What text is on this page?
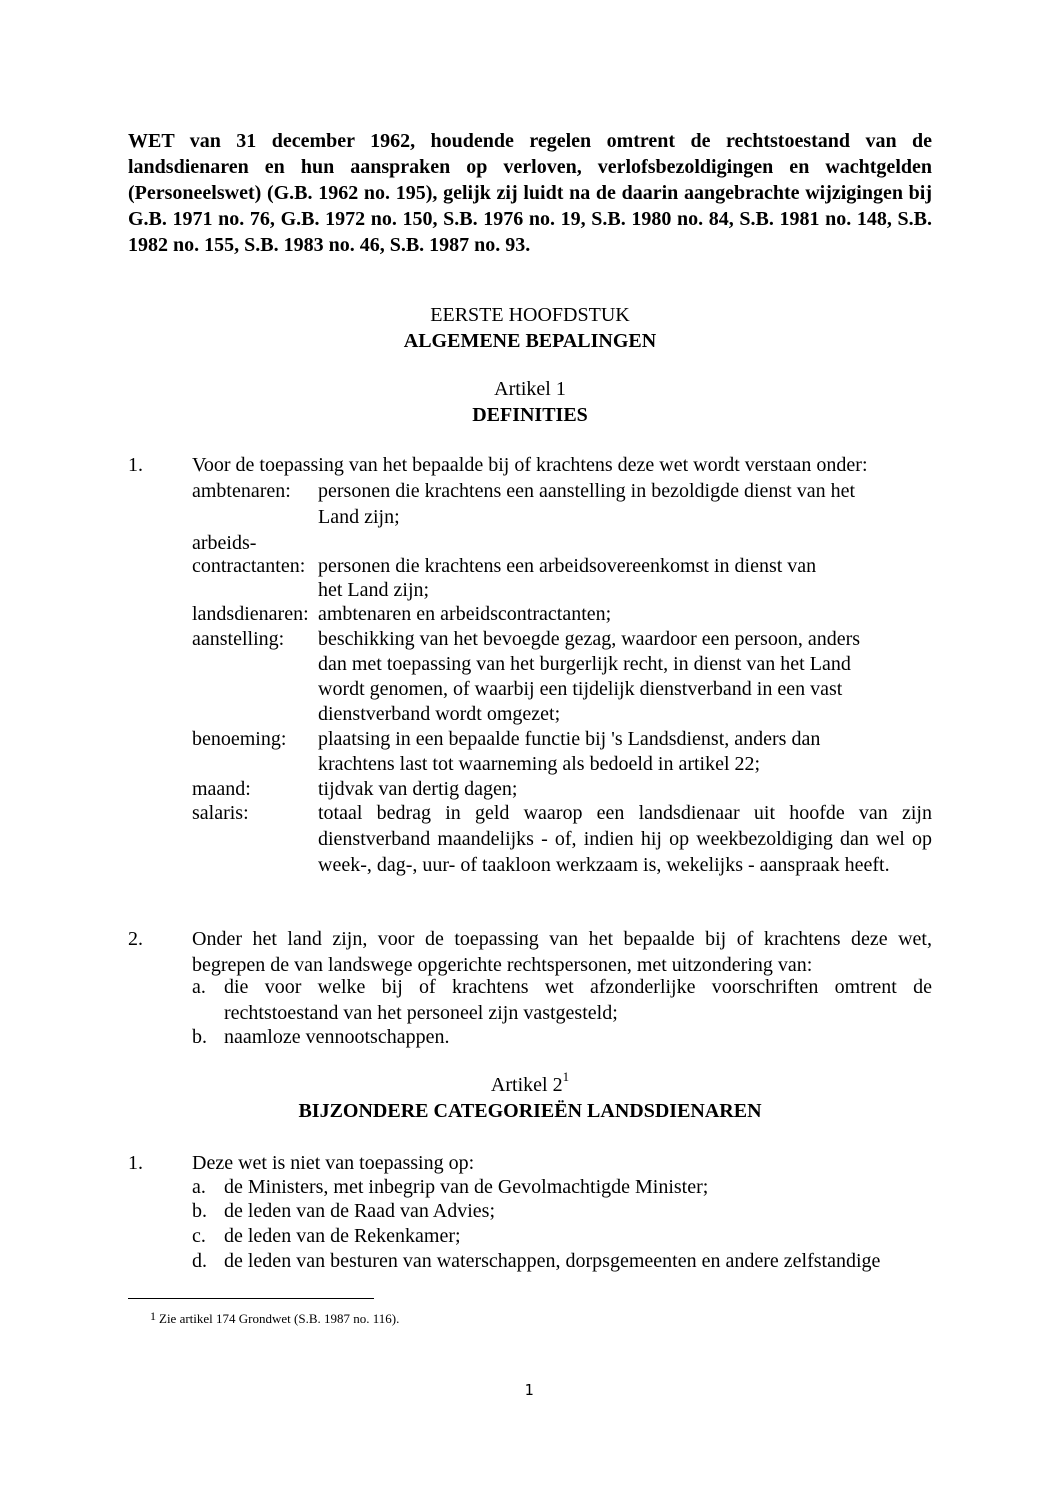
WET van 31 december 1962, houdende regelen omtrent de rechtstoestand van de landsdienaren en hun aanspraken op verloven, verlofsbezoldigingen en wachtgelden (Personeelswet) (G.B. 1962 no. 195), gelijk zij luidt na de daarin aangebrachte wijzigingen bij G.B. 1971 no. 76, G.B. 1972 no. 150, S.B. 1976 no. 19, S.B. 1980 no. 84, S.B. 1981 no. 148, S.B. 1982 no. 155, S.B. 1983 no. 46, S.B. 1987 no. 93.

EERSTE HOOFDSTUK

ALGEMENE BEPALINGEN

Artikel 1

DEFINITIES

1. Voor de toepassing van het bepaalde bij of krachtens deze wet wordt verstaan onder:
ambtenaren: personen die krachtens een aanstelling in bezoldigde dienst van het
Land zijn;
arbeids-
contractanten: personen die krachtens een arbeidsovereenkomst in dienst van
het Land zijn;
landsdienaren: ambtenaren en arbeidscontractanten;
aanstelling: beschikking van het bevoegde gezag, waardoor een persoon, anders
dan met toepassing van het burgerlijk recht, in dienst van het Land
wordt genomen, of waarbij een tijdelijk dienstverband in een vast
dienstverband wordt omgezet;
benoeming: plaatsing in een bepaalde functie bij 's Landsdienst, anders dan
krachtens last tot waarneming als bedoeld in artikel 22;
maand:	tijdvak van dertig dagen;
salaris:	totaal bedrag in geld waarop een landsdienaar uit hoofde van zijn dienstverband maandelijks - of, indien hij op weekbezoldiging dan wel op week-, dag-, uur- of taakloon werkzaam is, wekelijks - aanspraak heeft.

2. Onder het land zijn, voor de toepassing van het bepaalde bij of krachtens deze wet, begrepen de van landswege opgerichte rechtspersonen, met uitzondering van:

a. die voor welke bij of krachtens wet afzonderlijke voorschriften omtrent de rechtstoestand van het personeel zijn vastgesteld;

b. naamloze vennootschappen.

Artikel $2^1$

BIJZONDERE CATEGORIEËN LANDSDIENAREN

1. Deze wet is niet van toepassing op:
a. de Ministers, met inbegrip van de Gevolmachtigde Minister;
b. de leden van de Raad van Advies;
c. de leden van de Rekenkamer;
d. de leden van besturen van waterschappen, dorpsgemeenten en andere zelfstandige
1 Zie artikel 174 Grondwet (S.B. 1987 no. 116).
1
